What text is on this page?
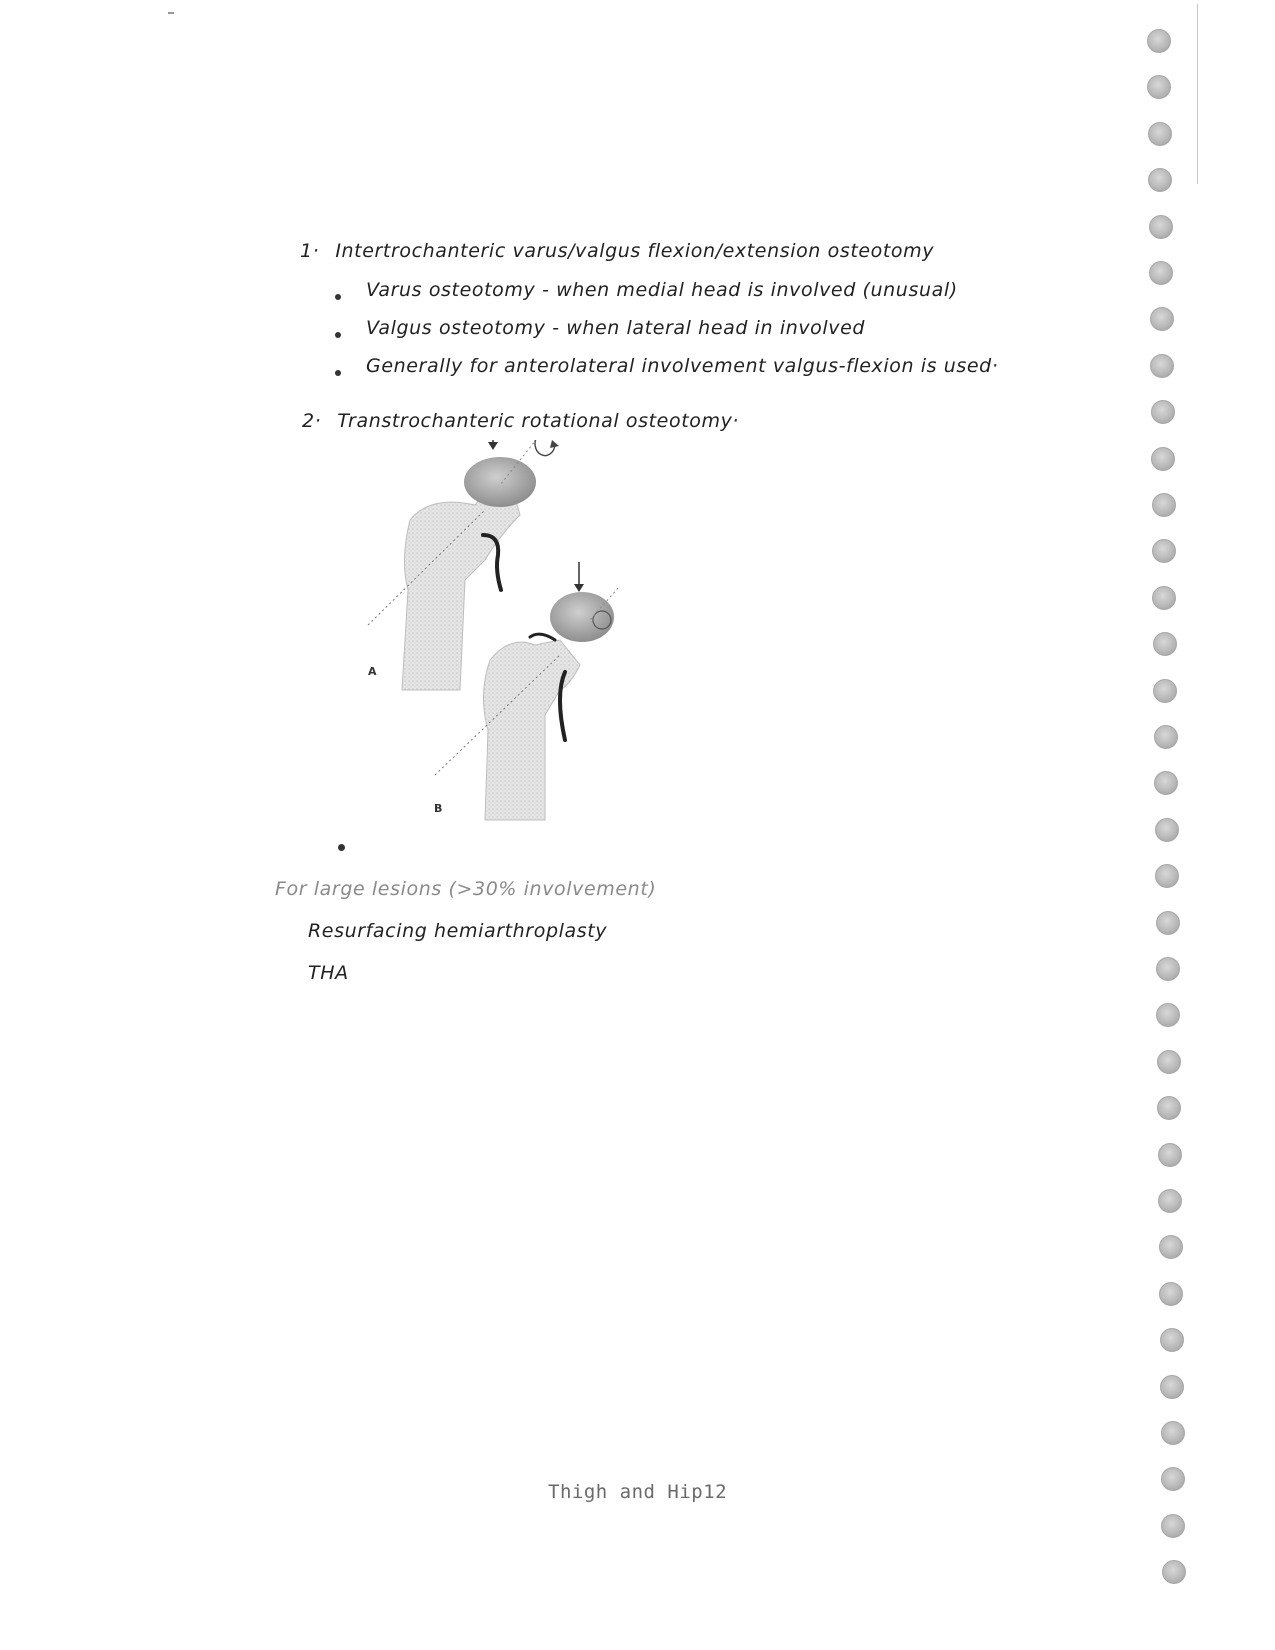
1· Intertrochanteric varus/valgus flexion/extension osteotomy
Varus osteotomy - when medial head is involved (unusual)
Valgus osteotomy - when lateral head in involved
Generally for anterolateral involvement valgus-flexion is used·
2· Transtrochanteric rotational osteotomy·
A
B
For large lesions (>30% involvement)
Resurfacing hemiarthroplasty
THA
Thigh and Hip12
